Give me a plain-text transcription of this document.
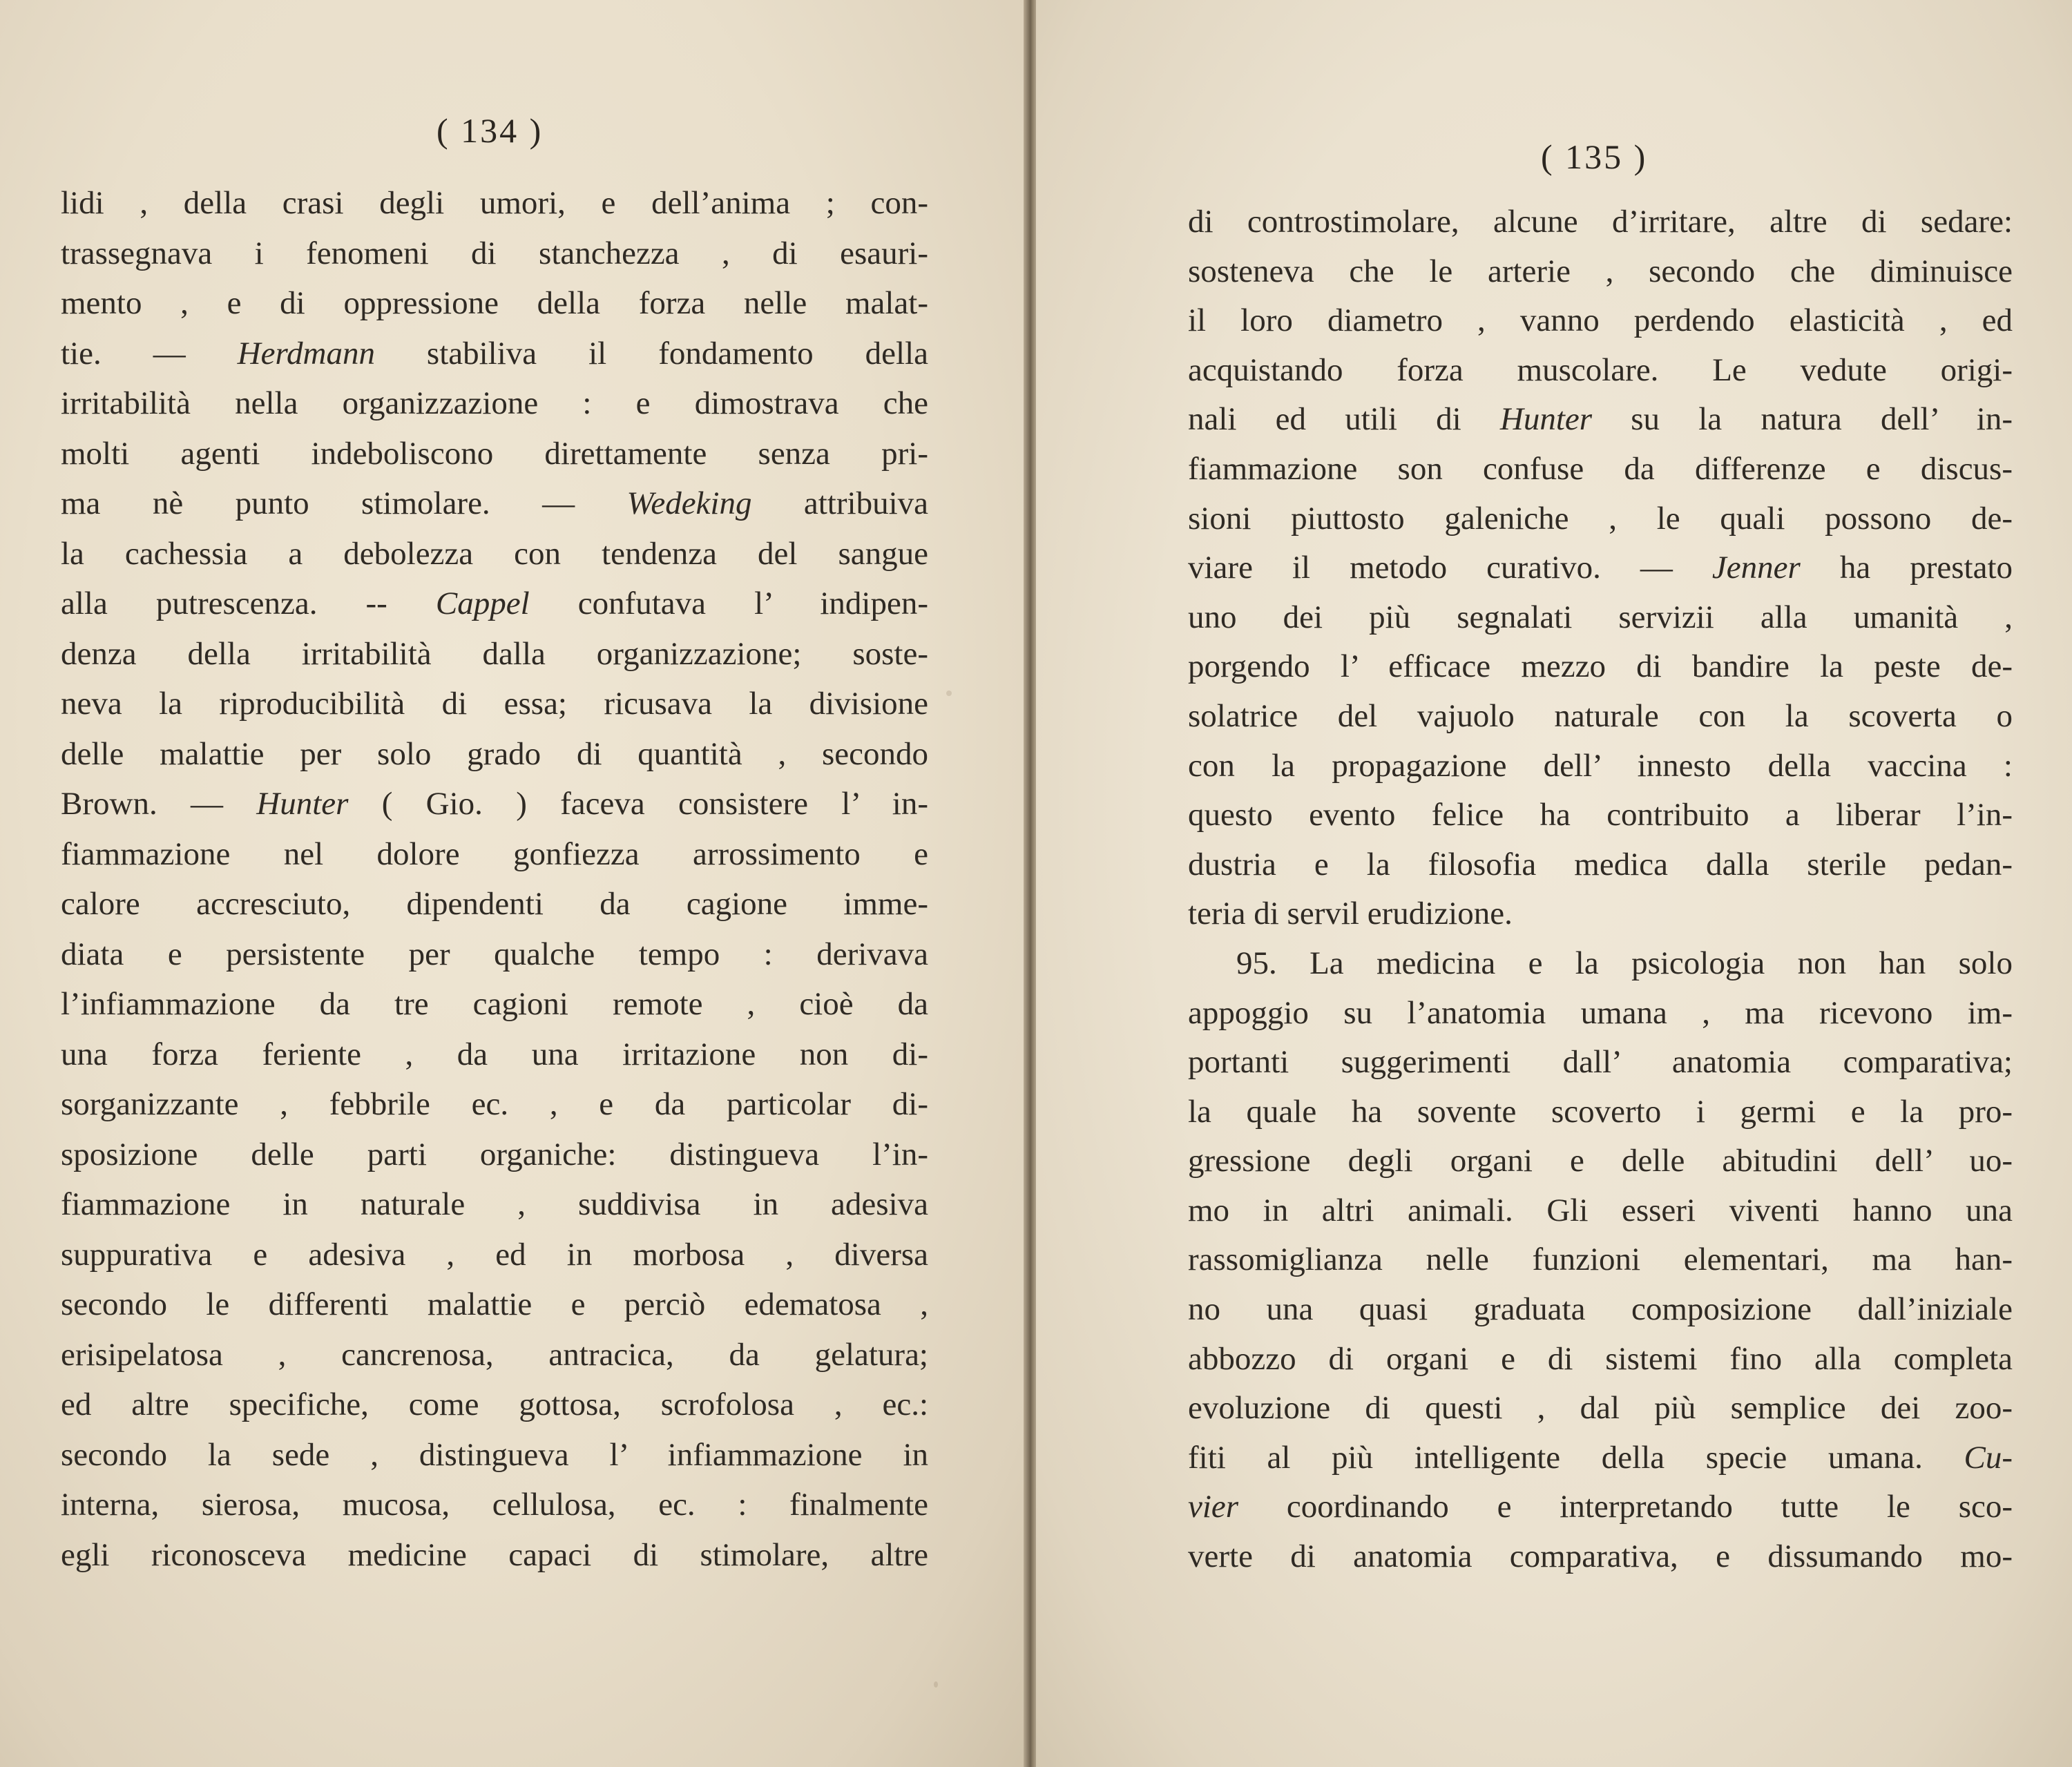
( 134 )
lidi , della crasi degli umori, e dell’anima ; con-
trassegnava i fenomeni di stanchezza , di esauri-
mento , e di oppressione della forza nelle malat-
tie. — Herdmann stabiliva il fondamento della
irritabilità nella organizzazione : e dimostrava che
molti agenti indeboliscono direttamente senza pri-
ma nè punto stimolare. — Wedeking attribuiva
la cachessia a debolezza con tendenza del sangue
alla putrescenza. -- Cappel confutava l’ indipen-
denza della irritabilità dalla organizzazione; soste-
neva la riproducibilità di essa; ricusava la divisione
delle malattie per solo grado di quantità , secondo
Brown. — Hunter ( Gio. ) faceva consistere l’ in-
fiammazione nel dolore gonfiezza arrossimento e
calore accresciuto, dipendenti da cagione imme-
diata e persistente per qualche tempo : derivava
l’infiammazione da tre cagioni remote , cioè da
una forza feriente , da una irritazione non di-
sorganizzante , febbrile ec. , e da particolar di-
sposizione delle parti organiche: distingueva l’in-
fiammazione in naturale , suddivisa in adesiva
suppurativa e adesiva , ed in morbosa , diversa
secondo le differenti malattie e perciò edematosa ,
erisipelatosa , cancrenosa, antracica, da gelatura;
ed altre specifiche, come gottosa, scrofolosa , ec.:
secondo la sede , distingueva l’ infiammazione in
interna, sierosa, mucosa, cellulosa, ec. : finalmente
egli riconosceva medicine capaci di stimolare, altre
( 135 )
di controstimolare, alcune d’irritare, altre di sedare:
sosteneva che le arterie , secondo che diminuisce
il loro diametro , vanno perdendo elasticità , ed
acquistando forza muscolare. Le vedute origi-
nali ed utili di Hunter su la natura dell’ in-
fiammazione son confuse da differenze e discus-
sioni piuttosto galeniche , le quali possono de-
viare il metodo curativo. — Jenner ha prestato
uno dei più segnalati servizii alla umanità ,
porgendo l’ efficace mezzo di bandire la peste de-
solatrice del vajuolo naturale con la scoverta o
con la propagazione dell’ innesto della vaccina :
questo evento felice ha contribuito a liberar l’in-
dustria e la filosofia medica dalla sterile pedan-
teria di servil erudizione.
95. La medicina e la psicologia non han solo
appoggio su l’anatomia umana , ma ricevono im-
portanti suggerimenti dall’ anatomia comparativa;
la quale ha sovente scoverto i germi e la pro-
gressione degli organi e delle abitudini dell’ uo-
mo in altri animali. Gli esseri viventi hanno una
rassomiglianza nelle funzioni elementari, ma han-
no una quasi graduata composizione dall’iniziale
abbozzo di organi e di sistemi fino alla completa
evoluzione di questi , dal più semplice dei zoo-
fiti al più intelligente della specie umana. Cu-
vier coordinando e interpretando tutte le sco-
verte di anatomia comparativa, e dissumando mo-
